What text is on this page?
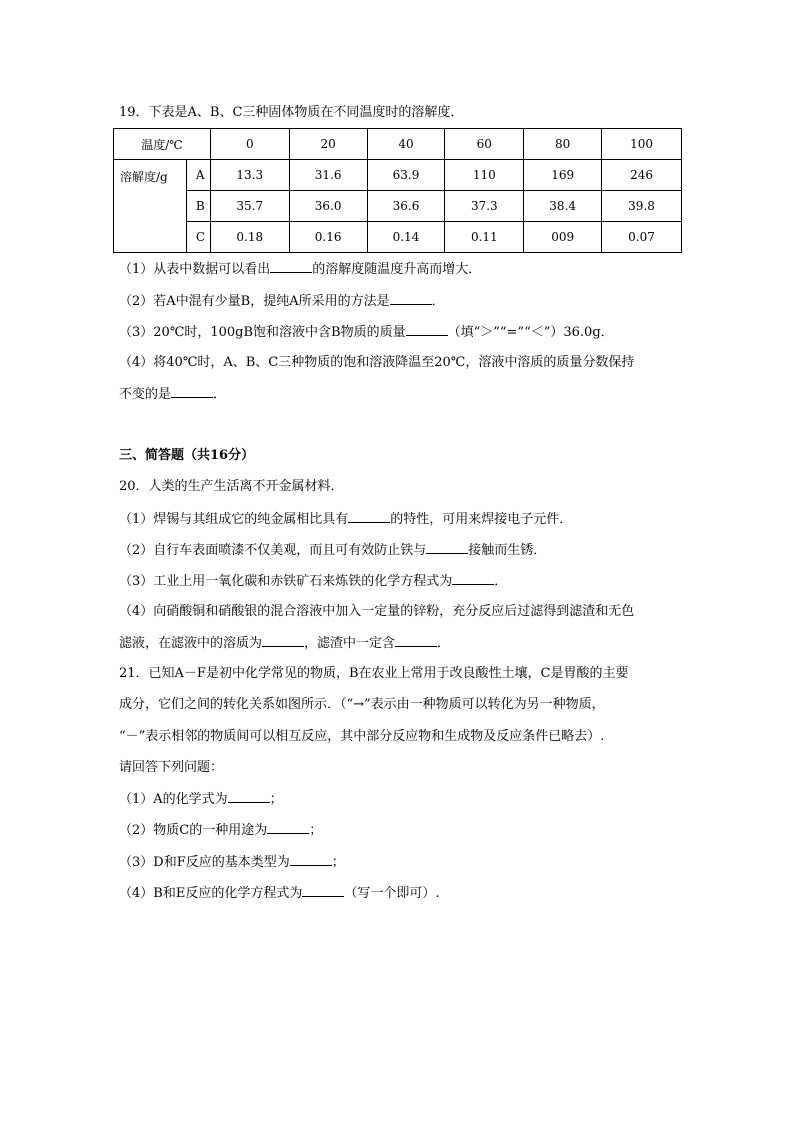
19．下表是A、B、C三种固体物质在不同温度时的溶解度．
温度/℃		0	20	40	60	80	100
溶解度/g	A	13.3	31.6	63.9	110	169	246
	B	35.7	36.0	36.6	37.3	38.4	39.8
	C	0.18	0.16	0.14	0.11	009	0.07
（1）从表中数据可以看出	的溶解度随温度升高而增大．
（2）若A中混有少量B，提纯A所采用的方法是	．
（3）20℃时，100gB饱和溶液中含B物质的质量	（填“＞”“=”“＜”）36.0g．
（4）将40℃时，A、B、C三种物质的饱和溶液降温至20℃，溶液中溶质的质量分数保持
不变的是	．
三、简答题（共16分）
20．人类的生产生活离不开金属材料．
（1）焊锡与其组成它的纯金属相比具有	的特性，可用来焊接电子元件．
（2）自行车表面喷漆不仅美观，而且可有效防止铁与	接触而生锈．
（3）工业上用一氧化碳和赤铁矿石来炼铁的化学方程式为	．
（4）向硝酸铜和硝酸银的混合溶液中加入一定量的锌粉，充分反应后过滤得到滤渣和无色
滤液，在滤液中的溶质为	，滤渣中一定含	．
21．已知A－F是初中化学常见的物质，B在农业上常用于改良酸性土壤，C是胃酸的主要
成分，它们之间的转化关系如图所示．（“→”表示由一种物质可以转化为另一种物质，
“－”表示相邻的物质间可以相互反应，其中部分反应物和生成物及反应条件已略去）.
请回答下列问题：
（1）A的化学式为	；
（2）物质C的一种用途为	；
（3）D和F反应的基本类型为	；
（4）B和E反应的化学方程式为	（写一个即可）.
